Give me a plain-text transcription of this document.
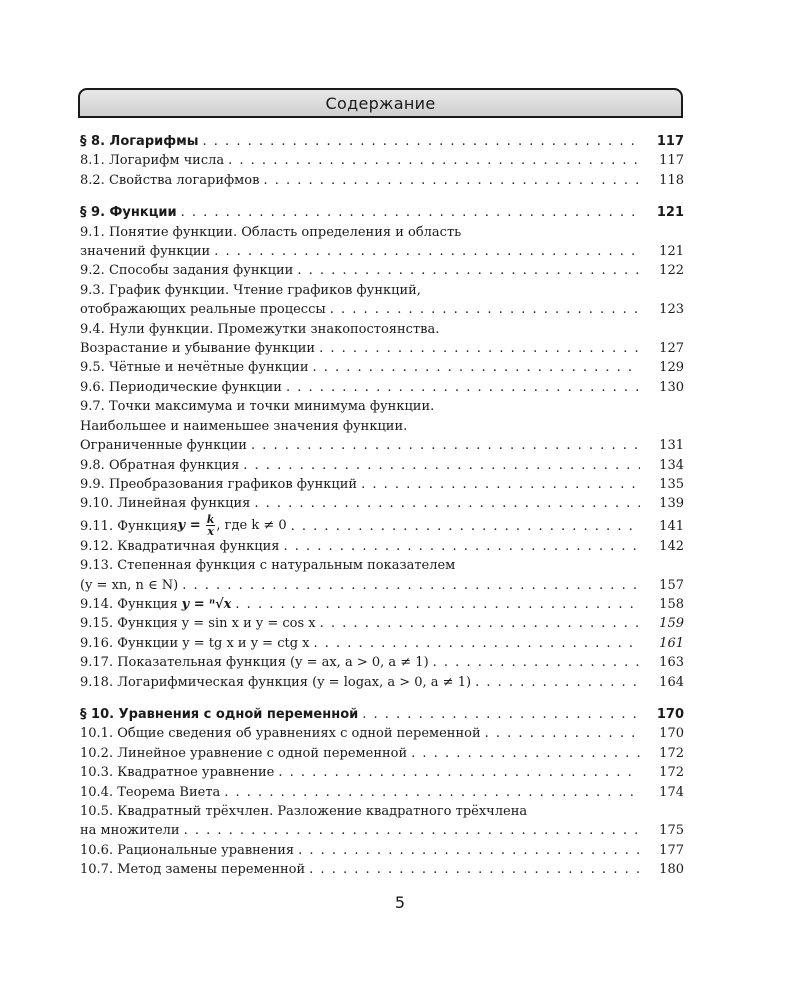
Содержание
§ 8. Логарифмы . . .	117
8.1. Логарифм числа . . .	117
8.2. Свойства логарифмов . . .	118
§ 9. Функции . . .	121
9.1. Понятие функции. Область определения и область
значений функции . . .	121
9.2. Способы задания функции . . .	122
9.3. График функции. Чтение графиков функций,
отображающих реальные процессы . . .	123
9.4. Нули функции. Промежутки знакопостоянства.
Возрастание и убывание функции . . .	127
9.5. Чётные и нечётные функции . . .	129
9.6. Периодические функции . . .	130
9.7. Точки максимума и точки минимума функции.
Наибольшее и наименьшее значения функции.
Ограниченные функции . . .	131
9.8. Обратная функция . . .	134
9.9. Преобразования графиков функций . . .	135
9.10. Линейная функция . . .	139
9.11. Функция $y = \frac{k}{x}$ , где k ≠ 0 . . .	141
9.12. Квадратичная функция . . .	142
9.13. Степенная функция с натуральным показателем
(y = xn, n ∈ N) . . .	157
9.14. Функция y = ⁿ√x . . .	158
9.15. Функция y = sin x и y = cos x . . .	159
9.16. Функции y = tg x и y = ctg x . . .	161
9.17. Показательная функция (y = ax, a > 0, a ≠ 1) . . .	163
9.18. Логарифмическая функция (y = logax, a > 0, a ≠ 1) . . .	164
§ 10. Уравнения с одной переменной . . .	170
10.1. Общие сведения об уравнениях с одной переменной . . .	170
10.2. Линейное уравнение с одной переменной . . .	172
10.3. Квадратное уравнение . . .	172
10.4. Теорема Виета . . .	174
10.5. Квадратный трёхчлен. Разложение квадратного трёхчлена
на множители . . .	175
10.6. Рациональные уравнения . . .	177
10.7. Метод замены переменной . . .	180
5
